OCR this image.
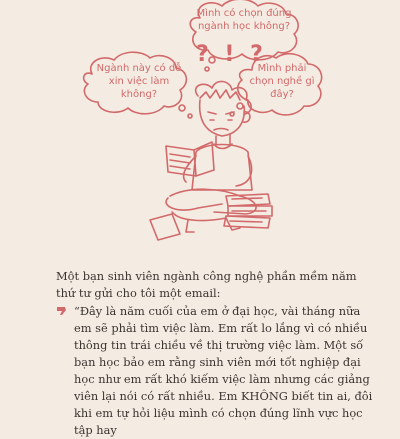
Mình có chọn đúng ngành học không?
Ngành này có dễ xin việc làm không?
Mình phải chọn nghề gì đây?
? ! ?

Một bạn sinh viên ngành công nghệ phần mềm năm thứ tư gửi cho tôi một email:

“Đây là năm cuối của em ở đại học, vài tháng nữa em sẽ phải tìm việc làm. Em rất lo lắng vì có nhiều thông tin trái chiều về thị trường việc làm. Một số bạn học bảo em rằng sinh viên mới tốt nghiệp đại học như em rất khó kiếm việc làm nhưng các giảng viên lại nói có rất nhiều. Em KHÔNG biết tin ai, đôi khi em tự hỏi liệu mình có chọn đúng lĩnh vực học tập hay
